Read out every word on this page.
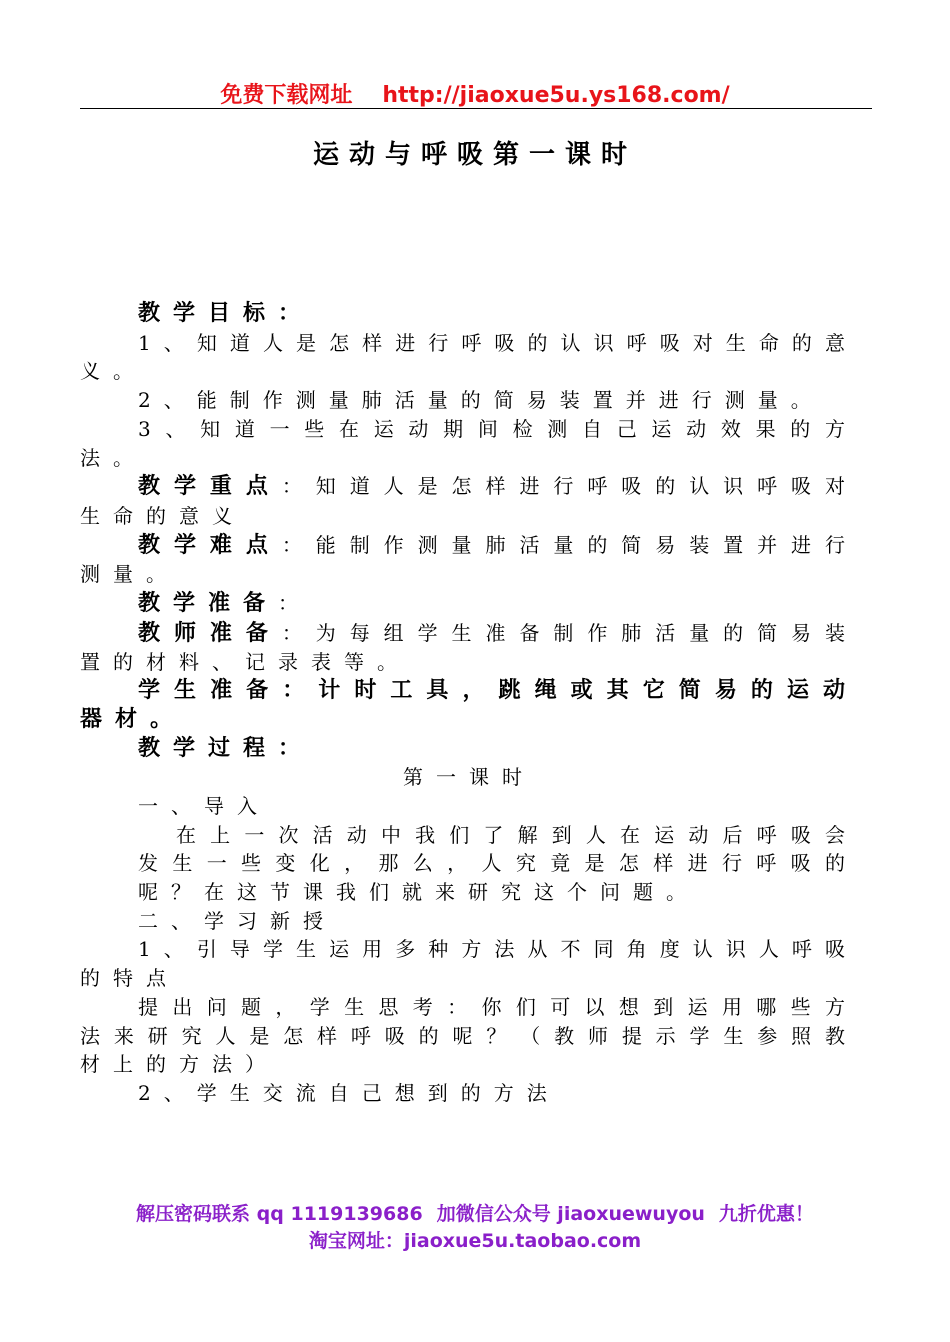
免费下载网址 http://jiaoxue5u.ys168.com/
运动与呼吸第一课时
教学目标：
1、知道人是怎样进行呼吸的认识呼吸对生命的意义。
2、能制作测量肺活量的简易装置并进行测量。
3、知道一些在运动期间检测自己运动效果的方法。
教学重点：知道人是怎样进行呼吸的认识呼吸对生命的意义
教学难点：能制作测量肺活量的简易装置并进行测量。
教学准备：
教师准备：为每组学生准备制作肺活量的简易装置的材料、记录表等。
学生准备：计时工具，跳绳或其它简易的运动器材。
教学过程：
第一课时
一、导入
在上一次活动中我们了解到人在运动后呼吸会发生一些变化，那么，人究竟是怎样进行呼吸的呢？在这节课我们就来研究这个问题。
二、学习新授
1、引导学生运用多种方法从不同角度认识人呼吸的特点
提出问题，学生思考：你们可以想到运用哪些方法来研究人是怎样呼吸的呢？（教师提示学生参照教材上的方法）
2、学生交流自己想到的方法
解压密码联系 qq 1119139686 加微信公众号 jiaoxuewuyou 九折优惠！
淘宝网址：jiaoxue5u.taobao.com
